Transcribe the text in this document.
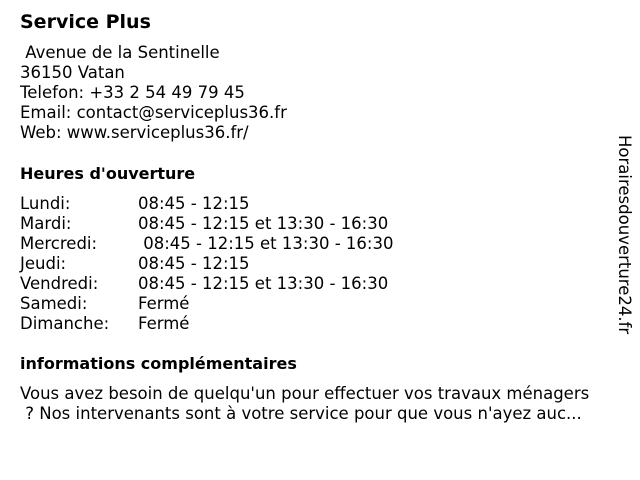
Service Plus
Avenue de la Sentinelle
36150 Vatan
Telefon: +33 2 54 49 79 45
Email: contact@serviceplus36.fr
Web: www.serviceplus36.fr/
Heures d'ouverture
Lundi:	08:45 - 12:15
Mardi:	08:45 - 12:15 et 13:30 - 16:30
Mercredi: 08:45 - 12:15 et 13:30 - 16:30
Jeudi:	08:45 - 12:15
Vendredi: 08:45 - 12:15 et 13:30 - 16:30
Samedi:	Fermé
Dimanche: Fermé
informations complémentaires
Vous avez besoin de quelqu'un pour effectuer vos travaux ménagers
? Nos intervenants sont à votre service pour que vous n'ayez auc...
Horairesdouverture24.fr
